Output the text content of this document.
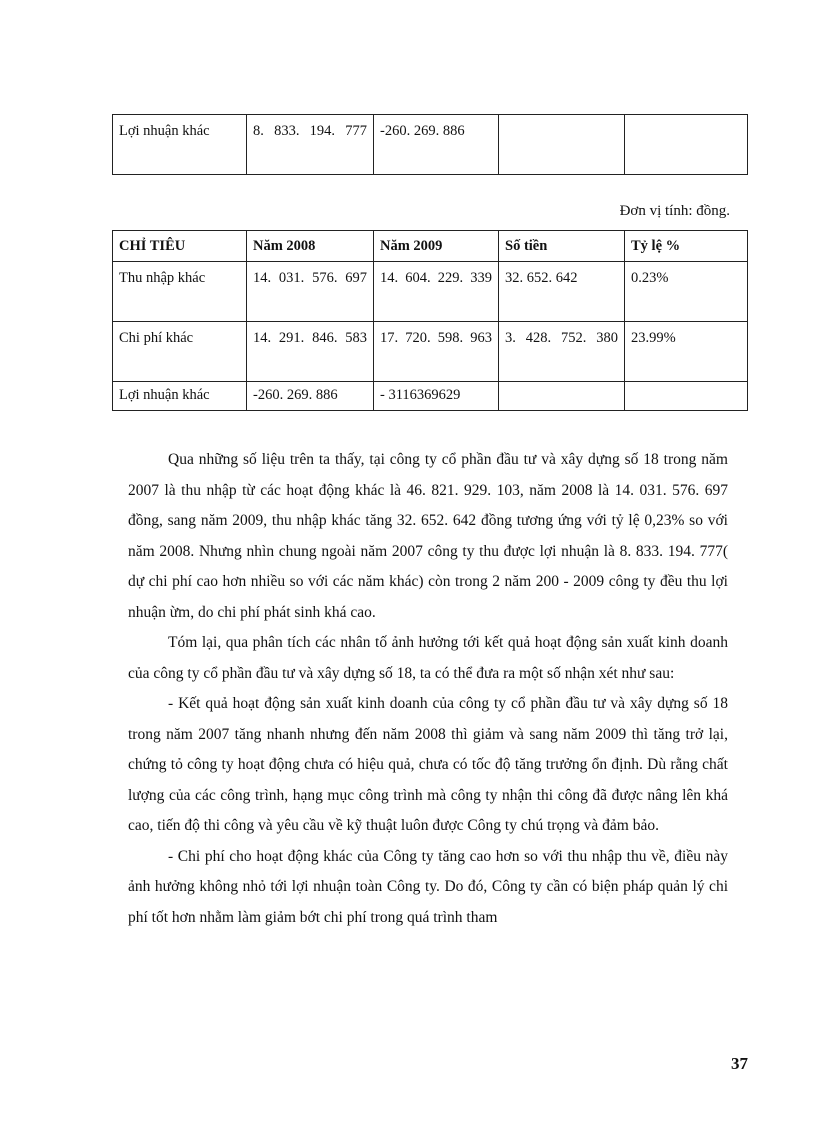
Lợi nhuận khác	8. 833. 194. 777	-260. 269. 886		
Đơn vị tính: đồng.
CHỈ TIÊU	Năm 2008	Năm 2009	Số tiền	Tỷ lệ %
Thu nhập khác	14. 031. 576. 697	14. 604. 229. 339	32. 652. 642	0.23%
Chi phí khác	14. 291. 846. 583	17. 720. 598. 963	3. 428. 752. 380	23.99%
Lợi nhuận khác	-260. 269. 886	- 3116369629		

Qua những số liệu trên ta thấy, tại công ty cổ phần đầu tư và xây dựng số 18 trong năm 2007 là thu nhập từ các hoạt động khác là 46. 821. 929. 103, năm 2008 là 14. 031. 576. 697 đồng, sang năm 2009, thu nhập khác tăng 32. 652. 642 đồng tương ứng với tỷ lệ 0,23% so với năm 2008. Nhưng nhìn chung ngoài năm 2007 công ty thu được lợi nhuận là 8. 833. 194. 777( dự chi phí cao hơn nhiều so với các năm khác) còn trong 2 năm 200 - 2009 công ty đều thu lợi nhuận ừm, do chi phí phát sinh khá cao.

Tóm lại, qua phân tích các nhân tố ảnh hưởng tới kết quả hoạt động sản xuất kinh doanh của công ty cổ phần đầu tư và xây dựng số 18, ta có thể đưa ra một số nhận xét như sau:

- Kết quả hoạt động sản xuất kinh doanh của công ty cổ phần đầu tư và xây dựng số 18 trong năm 2007 tăng nhanh nhưng đến năm 2008 thì giảm và sang năm 2009 thì tăng trở lại, chứng tỏ công ty hoạt động chưa có hiệu quả, chưa có tốc độ tăng trưởng ổn định. Dù rằng chất lượng của các công trình, hạng mục công trình mà công ty nhận thi công đã được nâng lên khá cao, tiến độ thi công và yêu cầu về kỹ thuật luôn được Công ty chú trọng và đảm bảo.

- Chi phí cho hoạt động khác của Công ty tăng cao hơn so với thu nhập thu về, điều này ảnh hưởng không nhỏ tới lợi nhuận toàn Công ty. Do đó, Công ty cần có biện pháp quản lý chi phí tốt hơn nhằm làm giảm bớt chi phí trong quá trình tham

37
